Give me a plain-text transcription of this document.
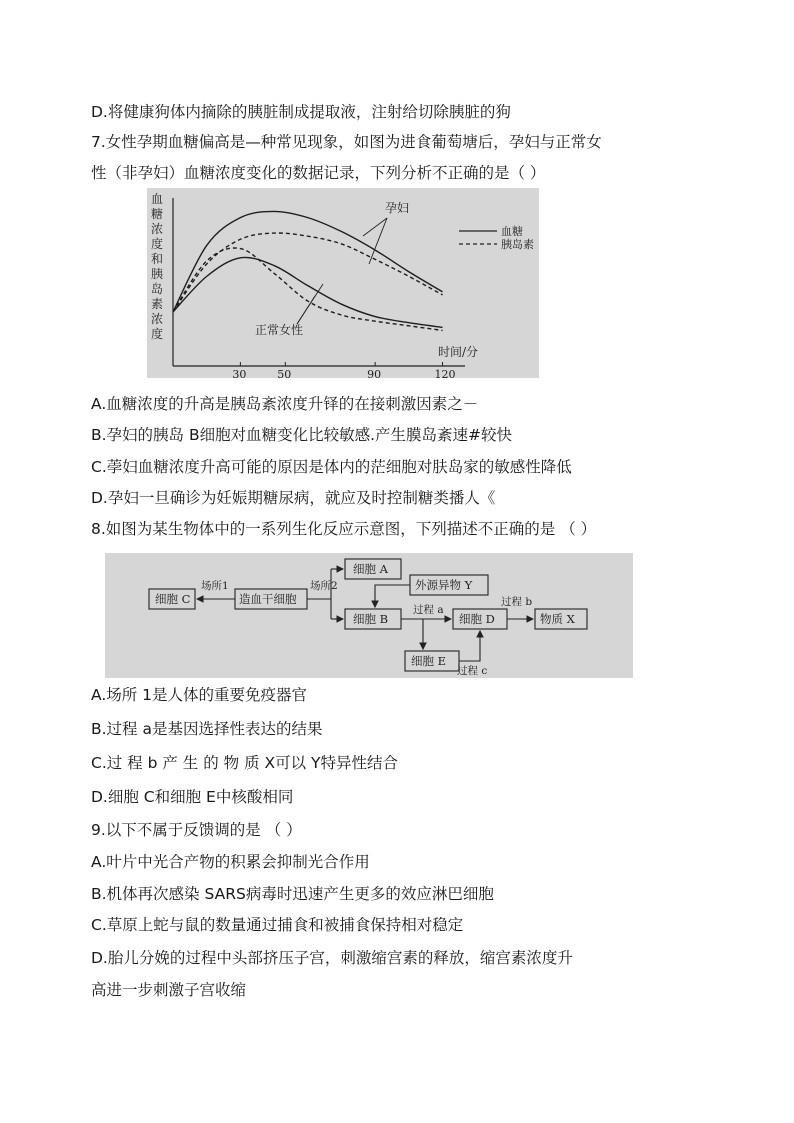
D.将健康狗体内摘除的胰脏制成提取液，注射给切除胰脏的狗
7.女性孕期血糖偏高是—种常见现象，如图为进食葡萄塘后，孕妇与正常女
性（非孕妇）血糖浓度变化的数据记录，下列分析不正确的是（ ）
血糖浓度和胰岛素浓度
30	50	90	120
时间/分
孕妇
正常女性
血糖
胰岛素
A.血糖浓度的升高是胰岛紊浓度升铎的在接刺激因素之－
B.孕妇的胰岛 B细胞对血糖变化比较敏感.产生膜岛紊速#较快
C.荸妇血糖浓度升高可能的原因是体内的茫细胞对肤岛家的敏感性降低
D.孕妇一旦确诊为妊娠期糖尿病，就应及时控制糖类播人《
8.如图为某生物体中的一系列生化反应示意图，下列描述不正确的是 （ ）
细胞 C	造血干细胞
细胞 A
外源异物 Y
细胞 B	细胞 D	物质 X
细胞 E
场所1	场所2
过程 a
过程 b
过程 c
A.场所 1是人体的重要免疫器官
B.过程 a是基因选择性表达的结果
C.过 程 b 产 生 的 物 质 X可以 Y特异性结合
D.细胞 C和细胞 E中核酸相同
9.以下不属于反馈调的是 （ ）
A.叶片中光合产物的积累会抑制光合作用
B.机体再次感染 SARS病毒时迅速产生更多的效应淋巴细胞
C.草原上蛇与鼠的数量通过捕食和被捕食保持相对稳定
D.胎儿分娩的过程中头部挤压子宫，刺激缩宫素的释放，缩宫素浓度升
高进一步刺激子宫收缩
